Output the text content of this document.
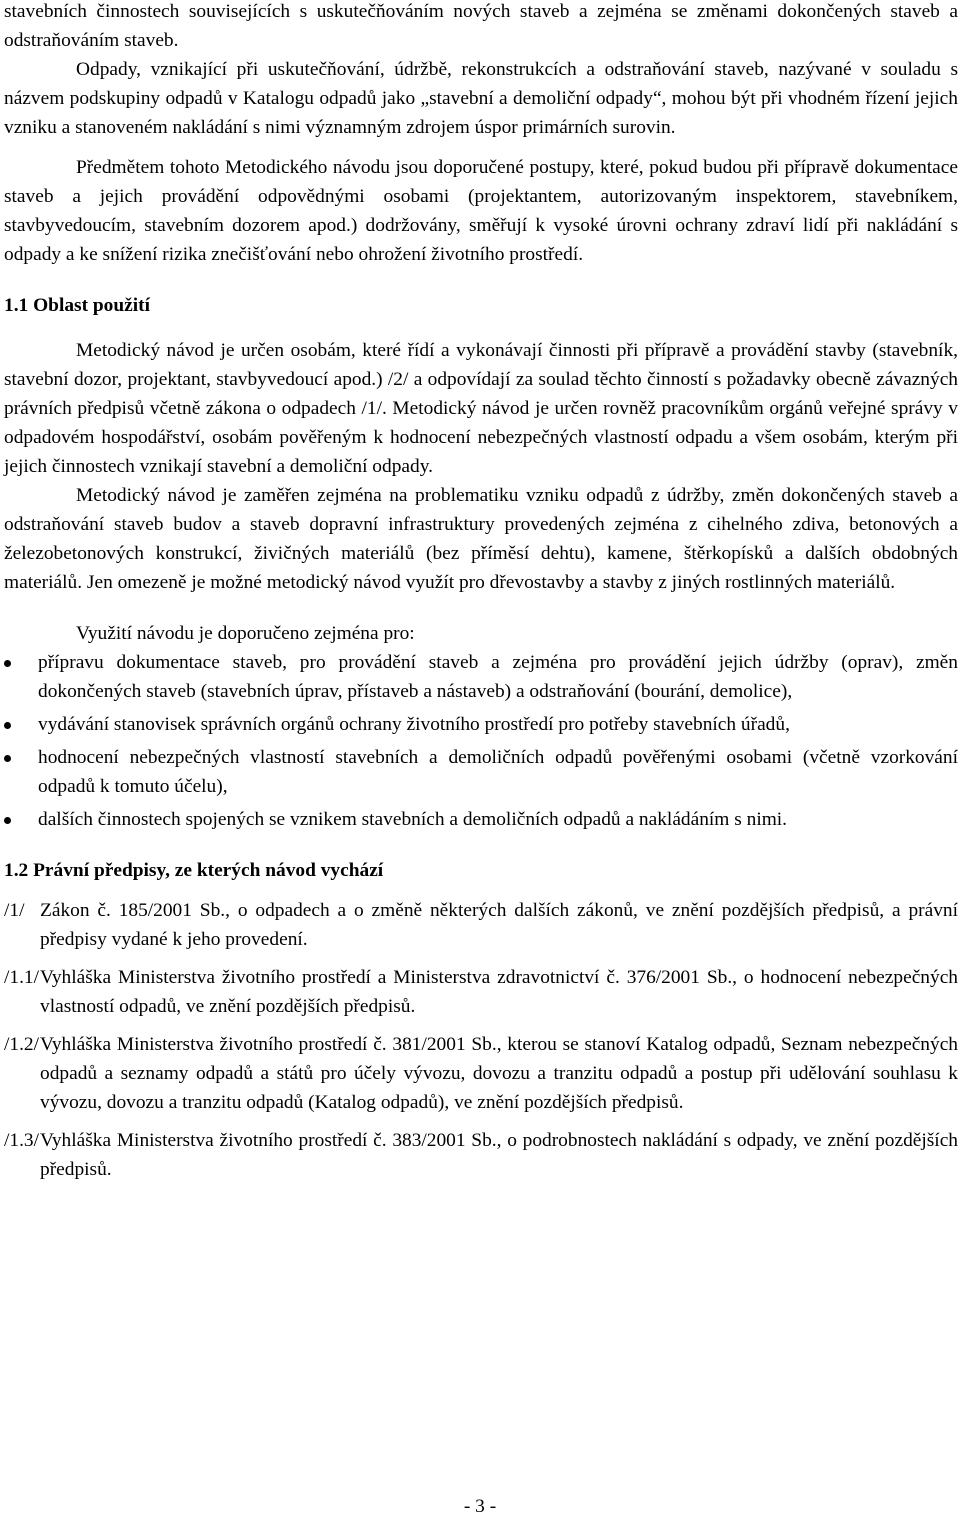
stavebních činnostech souvisejících s uskutečňováním nových staveb a zejména se změnami dokončených staveb a odstraňováním staveb.

Odpady, vznikající při uskutečňování, údržbě, rekonstrukcích a odstraňování staveb, nazývané v souladu s názvem podskupiny odpadů v Katalogu odpadů jako „stavební a demoliční odpady“, mohou být při vhodném řízení jejich vzniku a stanoveném nakládání s nimi významným zdrojem úspor primárních surovin.

Předmětem tohoto Metodického návodu jsou doporučené postupy, které, pokud budou při přípravě dokumentace staveb a jejich provádění odpovědnými osobami (projektantem, autorizovaným inspektorem, stavebníkem, stavbyvedoucím, stavebním dozorem apod.) dodržovány, směřují k vysoké úrovni ochrany zdraví lidí při nakládání s odpady a ke snížení rizika znečišťování nebo ohrožení životního prostředí.

1.1 Oblast použití

Metodický návod je určen osobám, které řídí a vykonávají činnosti při přípravě a provádění stavby (stavebník, stavební dozor, projektant, stavbyvedoucí apod.) /2/ a odpovídají za soulad těchto činností s požadavky obecně závazných právních předpisů včetně zákona o odpadech /1/. Metodický návod je určen rovněž pracovníkům orgánů veřejné správy v odpadovém hospodářství, osobám pověřeným k hodnocení nebezpečných vlastností odpadu a všem osobám, kterým při jejich činnostech vznikají stavební a demoliční odpady.

Metodický návod je zaměřen zejména na problematiku vzniku odpadů z údržby, změn dokončených staveb a odstraňování staveb budov a staveb dopravní infrastruktury provedených zejména z cihelného zdiva, betonových a železobetonových konstrukcí, živičných materiálů (bez příměsí dehtu), kamene, štěrkopísků a dalších obdobných materiálů. Jen omezeně je možné metodický návod využít pro dřevostavby a stavby z jiných rostlinných materiálů.

Využití návodu je doporučeno zejména pro:

přípravu dokumentace staveb, pro provádění staveb a zejména pro provádění jejich údržby (oprav), změn dokončených staveb (stavebních úprav, přístaveb a nástaveb) a odstraňování (bourání, demolice),
vydávání stanovisek správních orgánů ochrany životního prostředí pro potřeby stavebních úřadů,
hodnocení nebezpečných vlastností stavebních a demoličních odpadů pověřenými osobami (včetně vzorkování odpadů k tomuto účelu),
dalších činnostech spojených se vznikem stavebních a demoličních odpadů a nakládáním s nimi.
1.2 Právní předpisy, ze kterých návod vychází
/1/ Zákon č. 185/2001 Sb., o odpadech a o změně některých dalších zákonů, ve znění pozdějších předpisů, a právní předpisy vydané k jeho provedení.
/1.1/ Vyhláška Ministerstva životního prostředí a Ministerstva zdravotnictví č. 376/2001 Sb., o hodnocení nebezpečných vlastností odpadů, ve znění pozdějších předpisů.
/1.2/ Vyhláška Ministerstva životního prostředí č. 381/2001 Sb., kterou se stanoví Katalog odpadů, Seznam nebezpečných odpadů a seznamy odpadů a států pro účely vývozu, dovozu a tranzitu odpadů a postup při udělování souhlasu k vývozu, dovozu a tranzitu odpadů (Katalog odpadů), ve znění pozdějších předpisů.
/1.3/ Vyhláška Ministerstva životního prostředí č. 383/2001 Sb., o podrobnostech nakládání s odpady, ve znění pozdějších předpisů.
- 3 -
